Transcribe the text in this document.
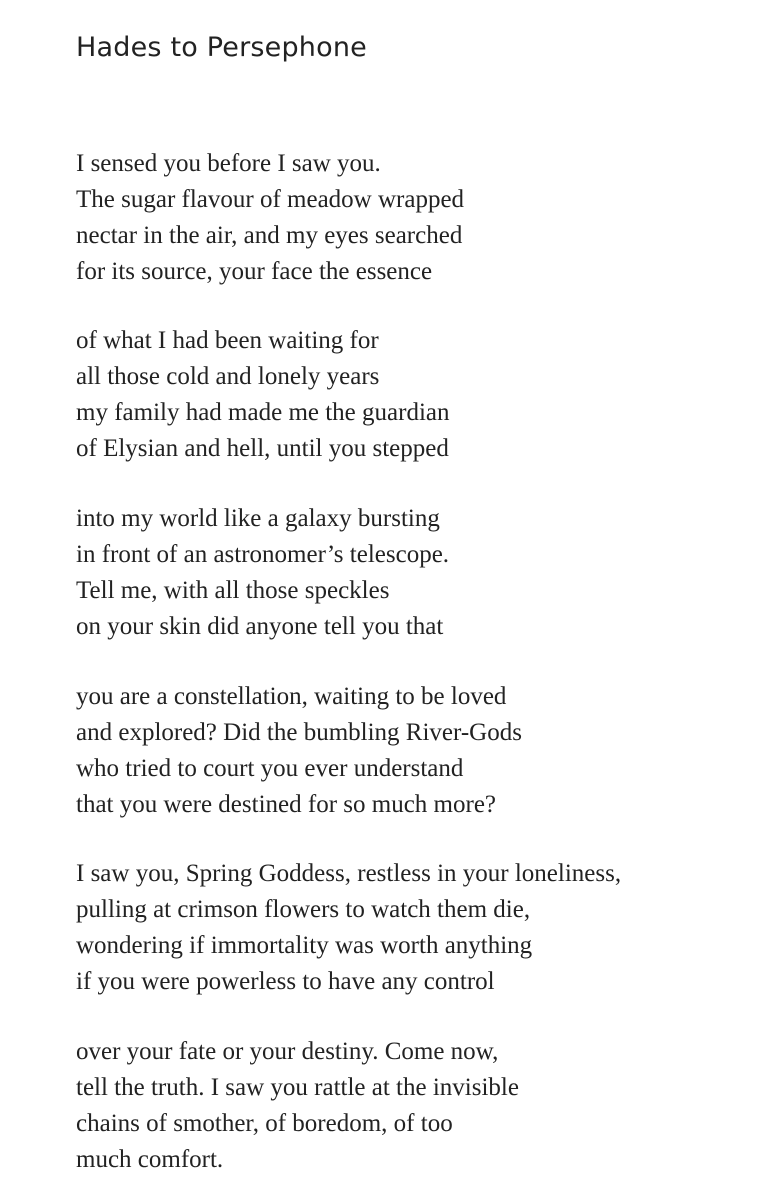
Hades to Persephone
I sensed you before I saw you.
The sugar flavour of meadow wrapped
nectar in the air, and my eyes searched
for its source, your face the essence
of what I had been waiting for
all those cold and lonely years
my family had made me the guardian
of Elysian and hell, until you stepped
into my world like a galaxy bursting
in front of an astronomer’s telescope.
Tell me, with all those speckles
on your skin did anyone tell you that
you are a constellation, waiting to be loved
and explored? Did the bumbling River-Gods
who tried to court you ever understand
that you were destined for so much more?
I saw you, Spring Goddess, restless in your loneliness,
pulling at crimson flowers to watch them die,
wondering if immortality was worth anything
if you were powerless to have any control
over your fate or your destiny. Come now,
tell the truth. I saw you rattle at the invisible
chains of smother, of boredom, of too
much comfort.
